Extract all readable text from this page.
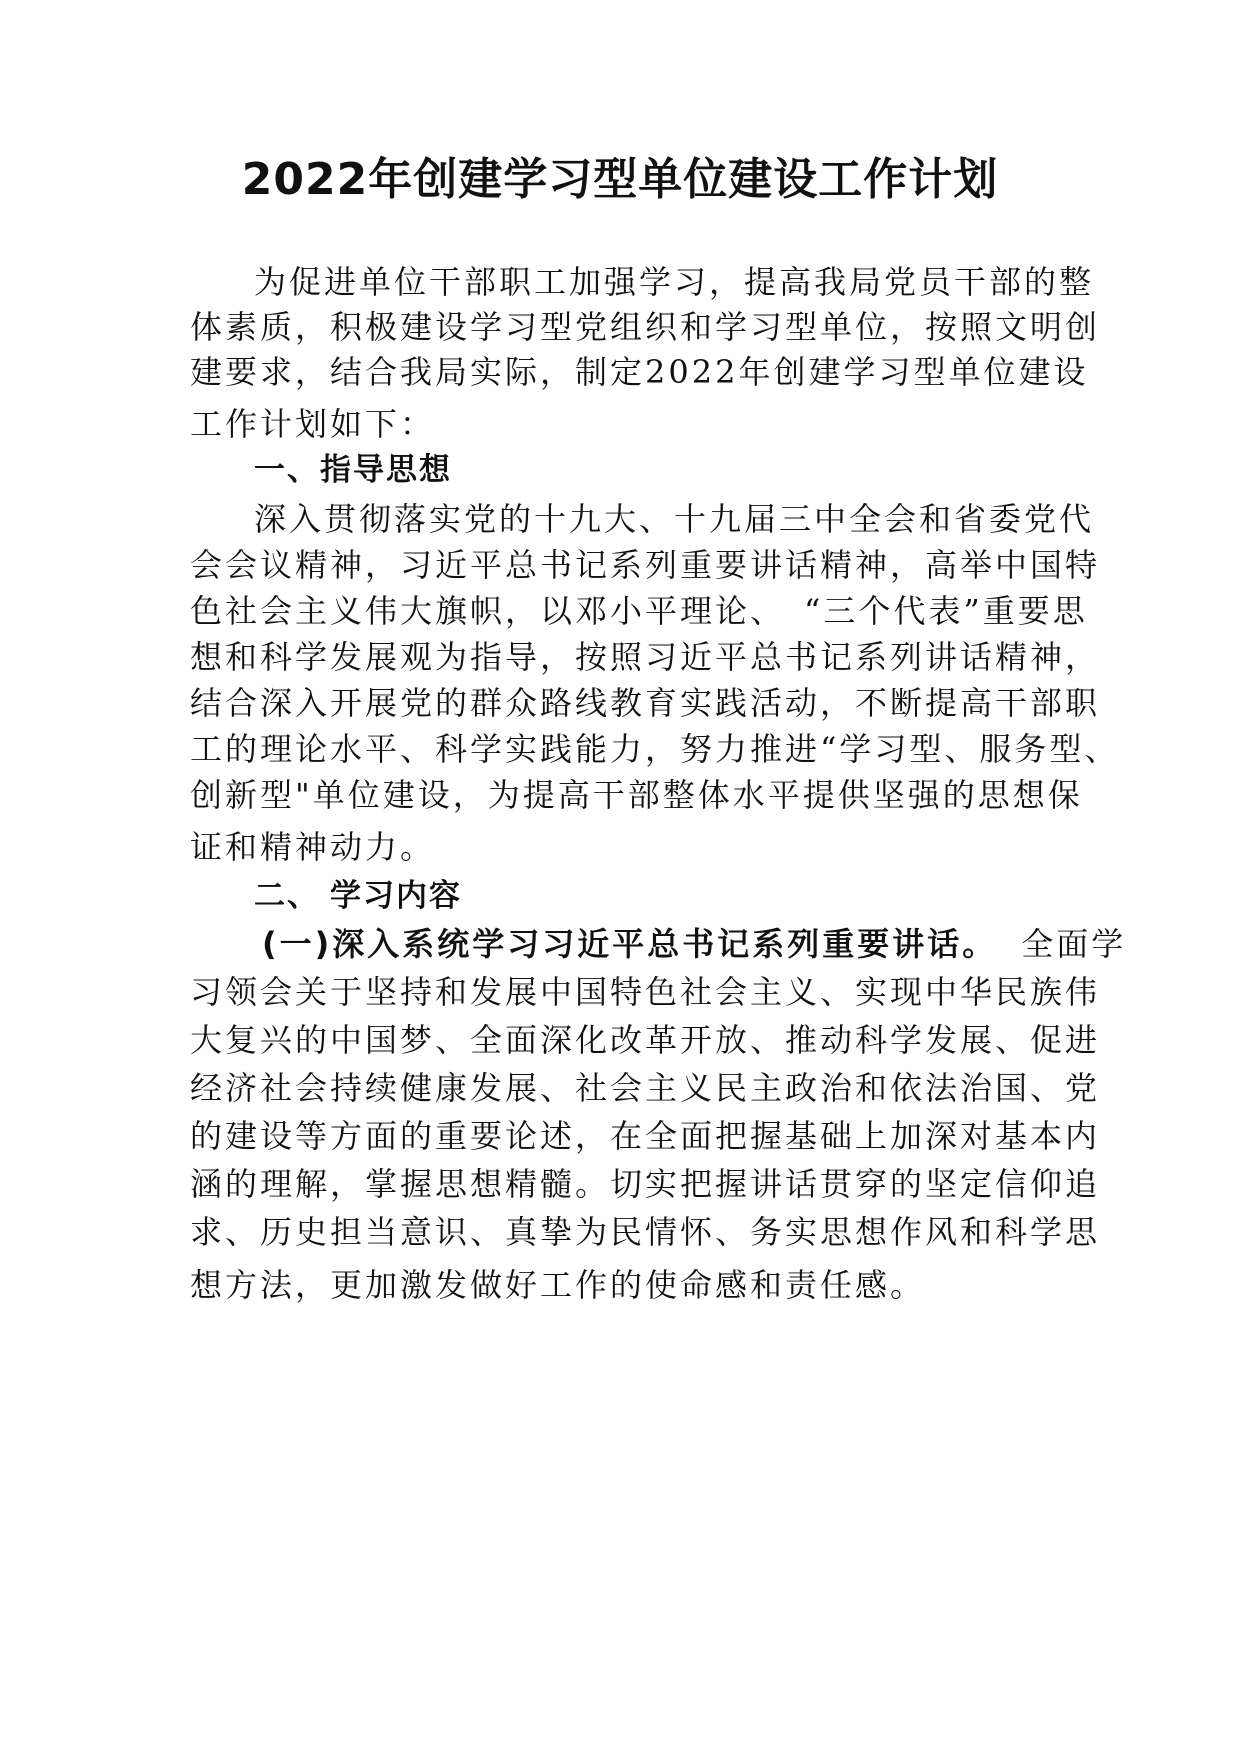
2022年创建学习型单位建设工作计划
为促进单位干部职工加强学习，提高我局党员干部的整
体素质，积极建设学习型党组织和学习型单位，按照文明创
建要求，结合我局实际，制定2022年创建学习型单位建设
工作计划如下：
一、指导思想
深入贯彻落实党的十九大、十九届三中全会和省委党代
会会议精神，习近平总书记系列重要讲话精神，高举中国特
色社会主义伟大旗帜，以邓小平理论、　“三个代表”重要思
想和科学发展观为指导，按照习近平总书记系列讲话精神，
结合深入开展党的群众路线教育实践活动，不断提高干部职
工的理论水平、科学实践能力，努力推进“学习型、服务型、
创新型"单位建设，为提高干部整体水平提供坚强的思想保
证和精神动力。
二、 学习内容
(一)深入系统学习习近平总书记系列重要讲话。 全面学
习领会关于坚持和发展中国特色社会主义、实现中华民族伟
大复兴的中国梦、全面深化改革开放、推动科学发展、促进
经济社会持续健康发展、社会主义民主政治和依法治国、党
的建设等方面的重要论述，在全面把握基础上加深对基本内
涵的理解，掌握思想精髓。切实把握讲话贯穿的坚定信仰追
求、历史担当意识、真挚为民情怀、务实思想作风和科学思
想方法，更加激发做好工作的使命感和责任感。
